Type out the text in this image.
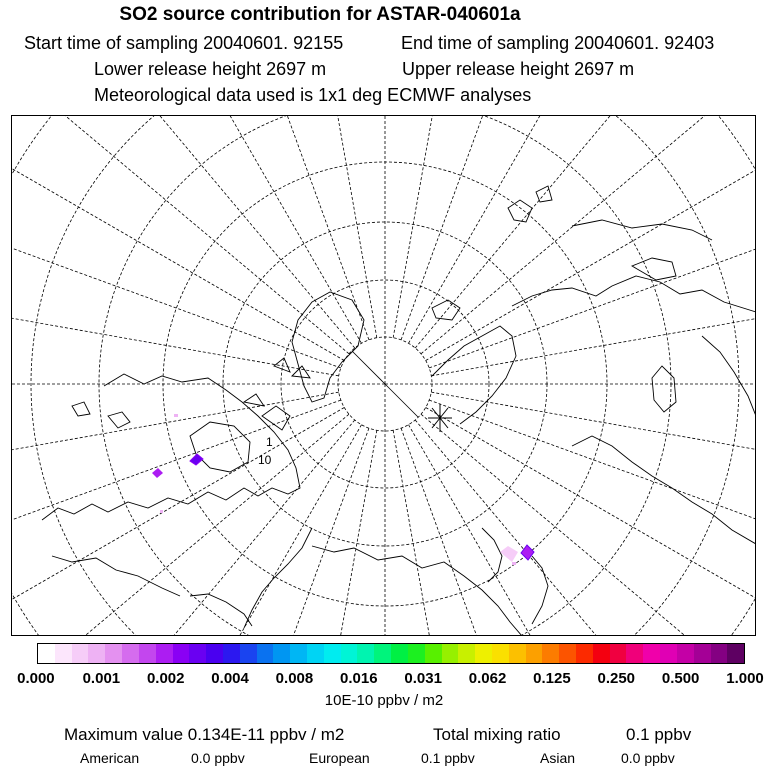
SO2 source contribution for ASTAR-040601a
Start time of sampling 20040601. 92155	End time of sampling 20040601. 92403
Lower release height 2697 m	Upper release height 2697 m
Meteorological data used is 1x1 deg ECMWF analyses
1
10
0.000 0.001 0.002 0.004 0.008 0.016 0.031 0.062 0.125 0.250 0.500 1.000
10E-10 ppbv / m2
Maximum value 0.134E-11 ppbv / m2	Total mixing ratio	0.1 ppbv
American	0.0 ppbv	European	0.1 ppbv	Asian	0.0 ppbv
